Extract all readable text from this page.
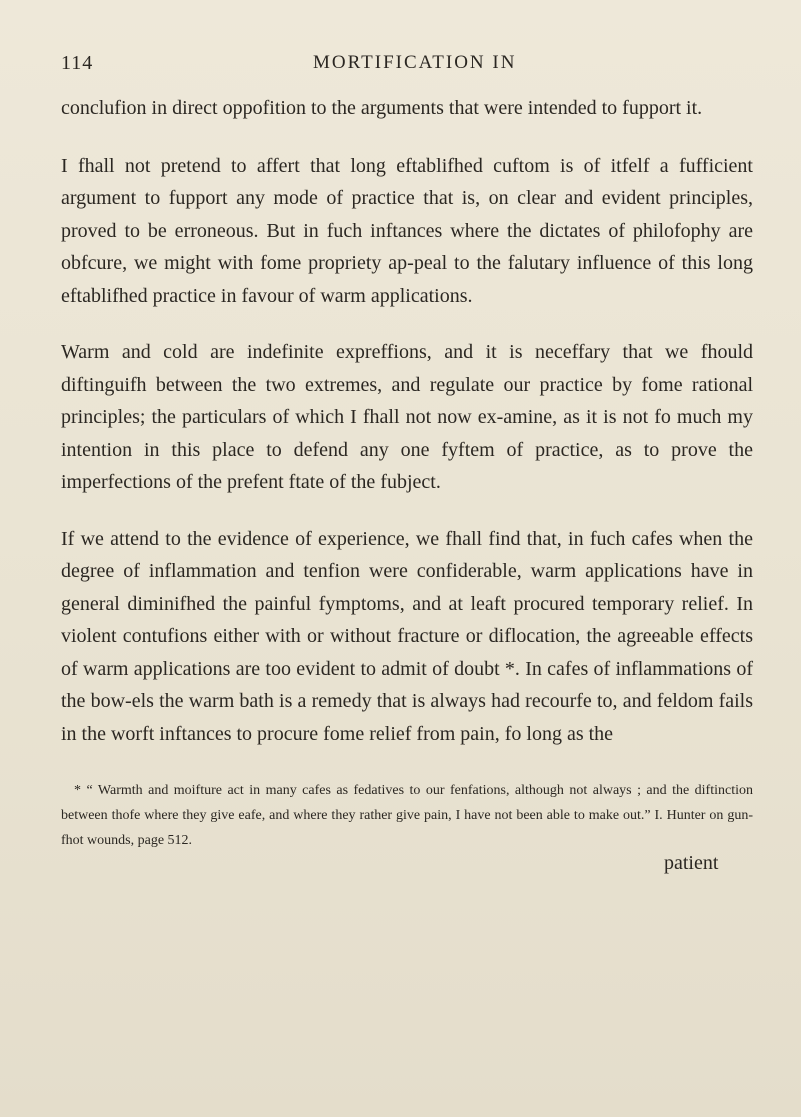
114	MORTIFICATION IN

conclufion in direct oppofition to the arguments that were intended to fupport it.

I fhall not pretend to affert that long eftablifhed cuftom is of itfelf a fufficient argument to fupport any mode of practice that is, on clear and evident principles, proved to be erroneous. But in fuch inftances where the dictates of philofophy are obfcure, we might with fome propriety ap-peal to the falutary influence of this long eftablifhed practice in favour of warm applications.

Warm and cold are indefinite expreffions, and it is neceffary that we fhould diftinguifh between the two extremes, and regulate our practice by fome rational principles; the particulars of which I fhall not now ex-amine, as it is not fo much my intention in this place to defend any one fyftem of practice, as to prove the imperfections of the prefent ftate of the fubject.

If we attend to the evidence of experience, we fhall find that, in fuch cafes when the degree of inflammation and tenfion were confiderable, warm applications have in general diminifhed the painful fymptoms, and at leaft procured temporary relief. In violent contufions either with or without fracture or diflocation, the agreeable effects of warm applications are too evident to admit of doubt *. In cafes of inflammations of the bow-els the warm bath is a remedy that is always had recourfe to, and feldom fails in the worft inftances to procure fome relief from pain, fo long as the

* “ Warmth and moifture act in many cafes as fedatives to our fenfations, although not always ; and the diftinction between thofe where they give eafe, and where they rather give pain, I have not been able to make out.” I. Hunter on gun-fhot wounds, page 512.
patient
